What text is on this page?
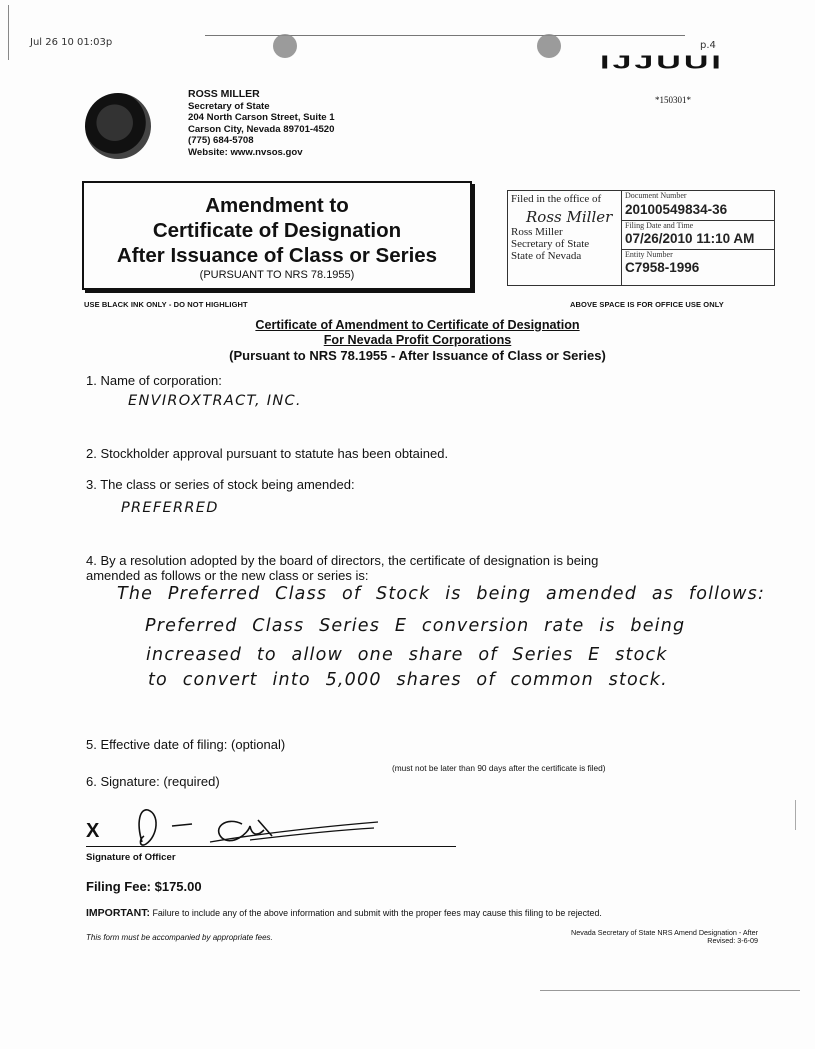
Jul 26 10 01:03p	p.4
IJJUUI
ROSS MILLER
Secretary of State
204 North Carson Street, Suite 1
Carson City, Nevada 89701-4520
(775) 684-5708
Website: www.nvsos.gov
*150301*
Amendment to
Certificate of Designation
After Issuance of Class or Series
(PURSUANT TO NRS 78.1955)
Filed in the office of
Ross Miller
Ross Miller
Secretary of State
State of Nevada
Document Number
20100549834-36
Filing Date and Time
07/26/2010 11:10 AM
Entity Number
C7958-1996
USE BLACK INK ONLY - DO NOT HIGHLIGHT	ABOVE SPACE IS FOR OFFICE USE ONLY
Certificate of Amendment to Certificate of Designation
For Nevada Profit Corporations
(Pursuant to NRS 78.1955 - After Issuance of Class or Series)
1. Name of corporation:
ENVIROXTRACT, INC.
2. Stockholder approval pursuant to statute has been obtained.
3. The class or series of stock being amended:
PREFERRED
4. By a resolution adopted by the board of directors, the certificate of designation is being
amended as follows or the new class or series is:
The Preferred Class of Stock is being amended as follows:
Preferred Class Series E conversion rate is being
increased to allow one share of Series E stock
to convert into 5,000 shares of common stock.
5. Effective date of filing: (optional)
(must not be later than 90 days after the certificate is filed)
6. Signature: (required)
X
Signature of Officer
Filing Fee: $175.00
IMPORTANT: Failure to include any of the above information and submit with the proper fees may cause this filing to be rejected.
This form must be accompanied by appropriate fees.
Nevada Secretary of State NRS Amend Designation - After
Revised: 3-6-09
